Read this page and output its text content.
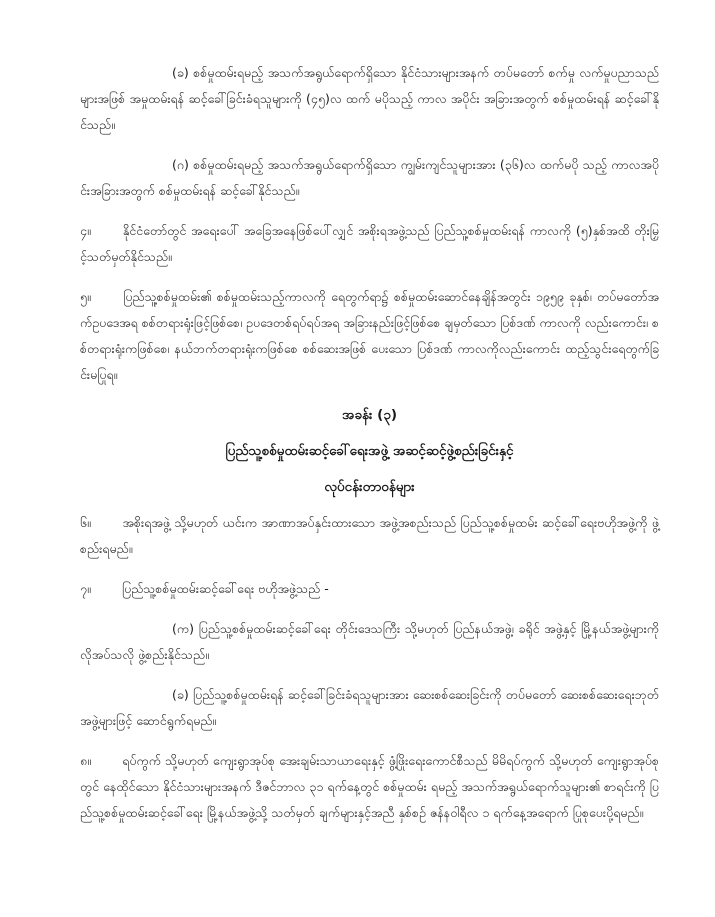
(ခ) စစ်မှုထမ်းရမည့် အသက်အရွယ်ရောက်ရှိသော နိုင်ငံသားများအနက် တပ်မတော် စက်မှု လက်မှုပညာသည်များအဖြစ် အမှုထမ်းရန် ဆင့်ခေါ်ခြင်းခံရသူများကို (၄၅)လ ထက် မပိုသည့် ကာလ အပိုင်း အခြားအတွက် စစ်မှုထမ်းရန် ဆင့်ခေါ်နိုင်သည်။

(ဂ) စစ်မှုထမ်းရမည့် အသက်အရွယ်ရောက်ရှိသော ကျွမ်းကျင်သူများအား (၃၆)လ ထက်မပို သည့် ကာလအပိုင်းအခြားအတွက် စစ်မှုထမ်းရန် ဆင့်ခေါ်နိုင်သည်။

၄။	နိုင်ငံတော်တွင် အရေးပေါ် အခြေအနေဖြစ်ပေါ်လျှင် အစိုးရအဖွဲ့သည် ပြည်သူ့စစ်မှုထမ်းရန် ကာလကို (၅)နှစ်အထိ တိုးမြှင့်သတ်မှတ်နိုင်သည်။

၅။	ပြည်သူ့စစ်မှုထမ်း၏ စစ်မှုထမ်းသည့်ကာလကို ရေတွက်ရာ၌ စစ်မှုထမ်းဆောင်နေချိန်အတွင်း ၁၉၅၉ ခုနှစ်၊ တပ်မတော်အက်ဥပဒေအရ စစ်တရားရုံးဖြင့်ဖြစ်စေ၊ ဥပဒေတစ်ရပ်ရပ်အရ အခြားနည်းဖြင့်ဖြစ်စေ ချမှတ်သော ပြစ်ဒဏ် ကာလကို လည်းကောင်း၊ စစ်တရားရုံးကဖြစ်စေ၊ နယ်ဘက်တရားရုံးကဖြစ်စေ စစ်ဆေးအဖြစ် ပေးသော ပြစ်ဒဏ် ကာလကိုလည်းကောင်း ထည့်သွင်းရေတွက်ခြင်းမပြုရ။

အခန်း (၃)
ပြည်သူ့စစ်မှုထမ်းဆင့်ခေါ်ရေးအဖွဲ့ အဆင့်ဆင့်ဖွဲ့စည်းခြင်းနှင့်
လုပ်ငန်းတာဝန်များ

၆။	အစိုးရအဖွဲ့ သို့မဟုတ် ယင်းက အာဏာအပ်နှင်းထားသော အဖွဲ့အစည်းသည် ပြည်သူ့စစ်မှုထမ်း ဆင့်ခေါ်ရေးဗဟိုအဖွဲ့ကို ဖွဲ့စည်းရမည်။

၇။ ပြည်သူ့စစ်မှုထမ်းဆင့်ခေါ်ရေး ဗဟိုအဖွဲ့သည် -

(က) ပြည်သူ့စစ်မှုထမ်းဆင့်ခေါ်ရေး တိုင်းဒေသကြီး သို့မဟုတ် ပြည်နယ်အဖွဲ့၊ ခရိုင် အဖွဲ့နှင့် မြို့နယ်အဖွဲ့များကို လိုအပ်သလို ဖွဲ့စည်းနိုင်သည်။

(ခ) ပြည်သူ့စစ်မှုထမ်းရန် ဆင့်ခေါ်ခြင်းခံရသူများအား ဆေးစစ်ဆေးခြင်းကို တပ်မတော် ဆေးစစ်ဆေးရေးဘုတ်အဖွဲ့များဖြင့် ဆောင်ရွက်ရမည်။

၈။	ရပ်ကွက် သို့မဟုတ် ကျေးရွာအုပ်စု အေးချမ်းသာယာရေးနှင့် ဖွံ့ဖြိုးရေးကောင်စီသည် မိမိရပ်ကွက် သို့မဟုတ် ကျေးရွာအုပ်စုတွင် နေထိုင်သော နိုင်ငံသားများအနက် ဒီဇင်ဘာလ ၃၁ ရက်နေ့တွင် စစ်မှုထမ်း ရမည့် အသက်အရွယ်ရောက်သူများ၏ စာရင်းကို ပြည်သူ့စစ်မှုထမ်းဆင့်ခေါ်ရေး မြို့နယ်အဖွဲ့သို့ သတ်မှတ် ချက်များနှင့်အညီ နှစ်စဉ် ဇန်နဝါရီလ ၁ ရက်နေ့အရောက် ပြုစုပေးပို့ရမည်။
